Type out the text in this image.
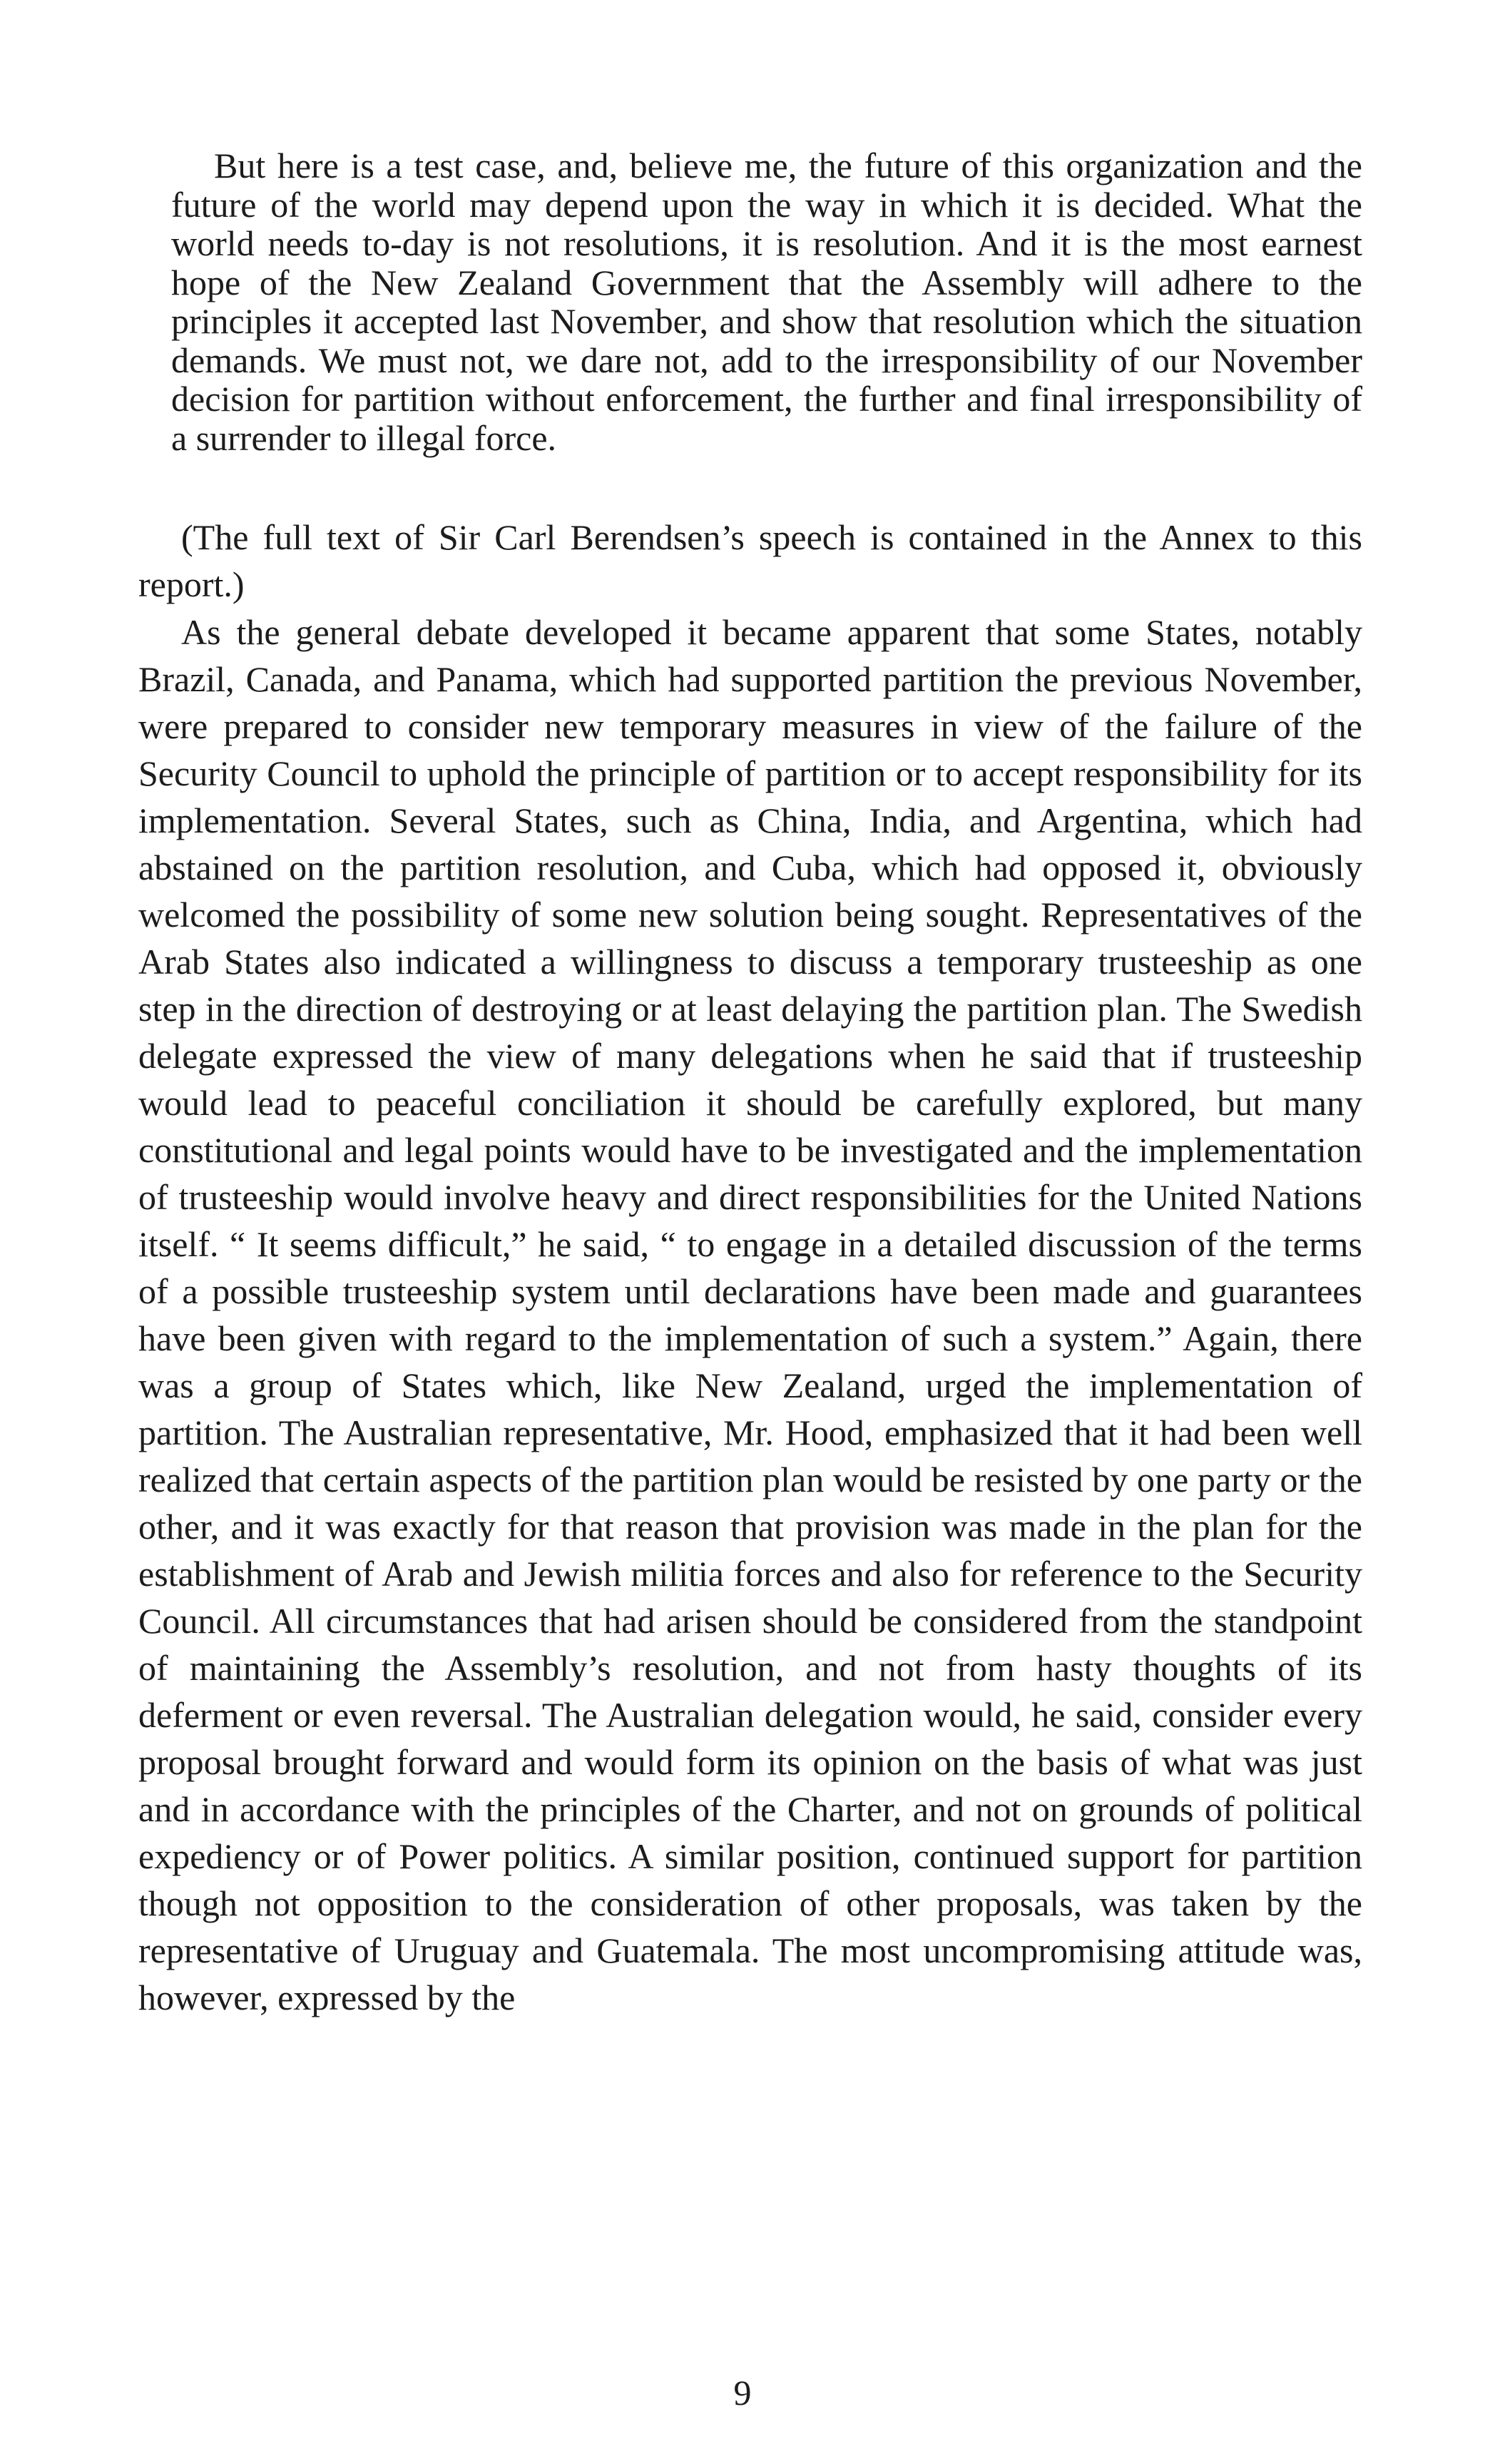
But here is a test case, and, believe me, the future of this organization and the future of the world may depend upon the way in which it is decided. What the world needs to-day is not resolutions, it is resolution. And it is the most earnest hope of the New Zealand Government that the Assembly will adhere to the principles it accepted last November, and show that resolution which the situation demands. We must not, we dare not, add to the irresponsibility of our November decision for partition without enforcement, the further and final irresponsibility of a surrender to illegal force.

(The full text of Sir Carl Berendsen’s speech is contained in the Annex to this report.)

As the general debate developed it became apparent that some States, notably Brazil, Canada, and Panama, which had supported partition the previous November, were prepared to consider new temporary measures in view of the failure of the Security Council to uphold the principle of partition or to accept responsibility for its implementation. Several States, such as China, India, and Argentina, which had abstained on the partition resolution, and Cuba, which had opposed it, obviously welcomed the possibility of some new solution being sought. Representatives of the Arab States also indicated a willingness to discuss a temporary trusteeship as one step in the direction of destroying or at least delaying the partition plan. The Swedish delegate expressed the view of many delegations when he said that if trusteeship would lead to peaceful conciliation it should be carefully explored, but many constitutional and legal points would have to be investigated and the implementation of trusteeship would involve heavy and direct responsibilities for the United Nations itself. “ It seems difficult,” he said, “ to engage in a detailed discussion of the terms of a possible trusteeship system until declarations have been made and guarantees have been given with regard to the implementation of such a system.” Again, there was a group of States which, like New Zealand, urged the implementation of partition. The Australian representative, Mr. Hood, emphasized that it had been well realized that certain aspects of the partition plan would be resisted by one party or the other, and it was exactly for that reason that provision was made in the plan for the establishment of Arab and Jewish militia forces and also for reference to the Security Council. All circumstances that had arisen should be considered from the standpoint of maintaining the Assembly’s resolution, and not from hasty thoughts of its deferment or even reversal. The Australian delegation would, he said, consider every proposal brought forward and would form its opinion on the basis of what was just and in accordance with the principles of the Charter, and not on grounds of political expediency or of Power politics. A similar position, continued support for partition though not opposition to the consideration of other proposals, was taken by the representative of Uruguay and Guatemala. The most uncompromising attitude was, however, expressed by the

9
